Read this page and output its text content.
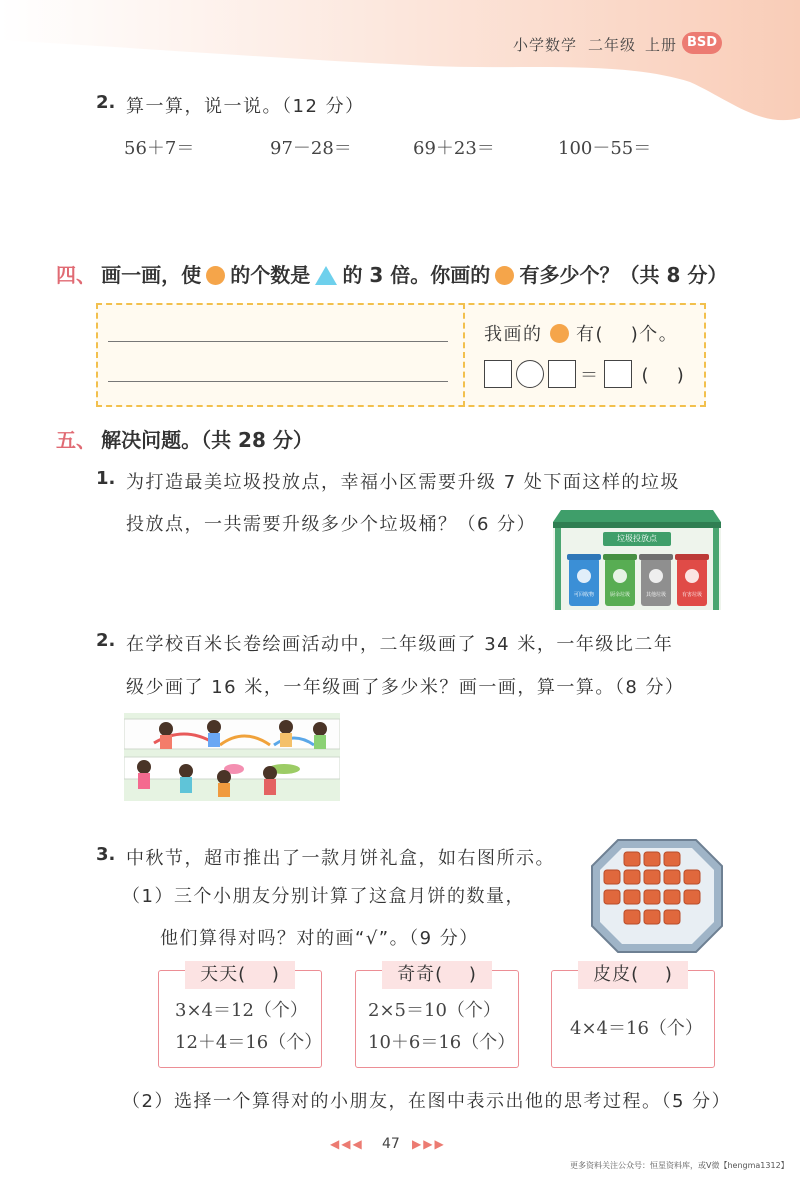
小学数学 二年级 上册 BSD
2. 算一算，说一说。（12 分）
56＋7＝	97－28＝	69＋23＝	100－55＝
四、 画一画，使 的个数是 的 3 倍。你画的 有多少个？（共 8 分）
我画的 有(　 )个。
＝ (　 )
五、 解决问题。（共 28 分）
1. 为打造最美垃圾投放点，幸福小区需要升级 7 处下面这样的垃圾
投放点，一共需要升级多少个垃圾桶？（6 分）
垃圾投放点
可回收物	厨余垃圾	其他垃圾	有害垃圾
2. 在学校百米长卷绘画活动中，二年级画了 34 米，一年级比二年
级少画了 16 米，一年级画了多少米？画一画，算一算。（8 分）
3. 中秋节，超市推出了一款月饼礼盒，如右图所示。
（1）三个小朋友分别计算了这盒月饼的数量，
他们算得对吗？对的画“√”。（9 分）
天天(　 )
3×4＝12（个）
12＋4＝16（个）
奇奇(　 )
2×5＝10（个）
10＋6＝16（个）
皮皮(　 )
4×4＝16（个）
（2）选择一个算得对的小朋友，在图中表示出他的思考过程。（5 分）
◀◀◀ 47 ▶▶▶
更多资料关注公众号：恒星资料库，或V微【hengma1312】
